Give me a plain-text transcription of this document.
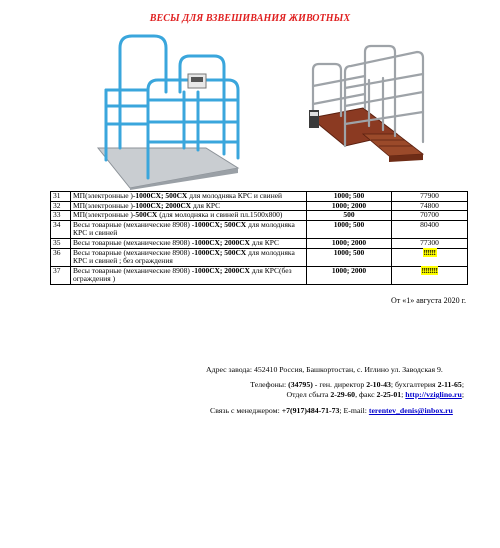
ВЕСЫ ДЛЯ ВЗВЕШИВАНИЯ ЖИВОТНЫХ
31	МП(электронные )-1000СХ; 500СХ для молодняка КРС и свиней	1000; 500	77900
32	МП(электронные )-1000СХ; 2000СХ для КРС	1000; 2000	74800
33	МП(электронные )-500СХ (для молодняка и свиней пл.1500х800)	500	70700
34	Весы товарные (механические 8908) -1000СХ; 500СХ для молодняка КРС и свиней	1000; 500	80400
35	Весы товарные (механические 8908) -1000СХ; 2000СХ для КРС	1000; 2000	77300
36	Весы товарные (механические 8908) -1000СХ; 500СХ для молодняка КРС и свиней ; без ограждения	1000; 500	!!!!!!
37	Весы товарные (механические 8908) -1000СХ; 2000СХ для КРС(без ограждения )	1000; 2000	!!!!!!!!
От «1» августа 2020 г.
Адрес завода: 452410 Россия, Башкортостан, с. Иглино ул. Заводская 9.
Телефоны: (34795) - ген. директор 2-10-43; бухгалтерия 2-11-65;
Отдел сбыта 2-29-60, факс 2-25-01; http://vziglino.ru;
Связь с менеджером: +7(917)484-71-73; E-mail: terentev_denis@inbox.ru
